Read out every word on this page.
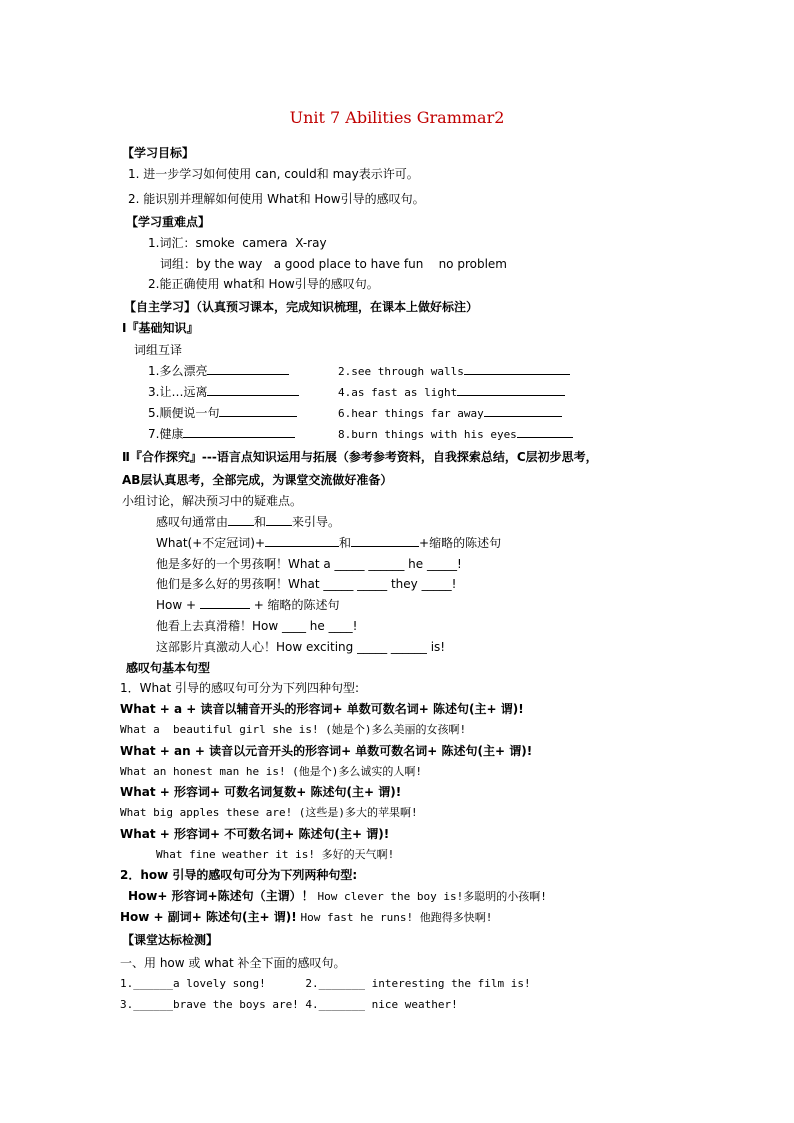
Unit 7 Abilities Grammar2
【学习目标】
1. 进一步学习如何使用 can, could和 may表示许可。
2. 能识别并理解如何使用 What和 How引导的感叹句。
【学习重难点】
1.词汇：smoke  camera  X-ray
词组：by the way   a good place to have fun    no problem
2.能正确使用 what和 How引导的感叹句。
【自主学习】（认真预习课本，完成知识梳理，在课本上做好标注）
Ⅰ『基础知识』
词组互译
1.多么漂亮	2.see through walls
3.让…远离	4.as fast as light
5.顺便说一句	6.hear things far away
7.健康	8.burn things with his eyes
Ⅱ『合作探究』---语言点知识运用与拓展（参考参考资料，自我探索总结，C层初步思考，
AB层认真思考，全部完成，为课堂交流做好准备）
小组讨论，解决预习中的疑难点。
感叹句通常由 和 来引导。
What(+不定冠词)+	和	+缩略的陈述句
他是多好的一个男孩啊！What a _____ ______ he _____!
他们是多么好的男孩啊！What _____ _____ they _____!
How +	+ 缩略的陈述句
他看上去真滑稽！How ____ he ____!
这部影片真激动人心！How exciting _____ ______ is!
感叹句基本句型
1．What 引导的感叹句可分为下列四种句型:
What + a + 读音以辅音开头的形容词+ 单数可数名词+ 陈述句(主+ 谓)!
What a  beautiful girl she is! (她是个)多么美丽的女孩啊!
What + an + 读音以元音开头的形容词+ 单数可数名词+ 陈述句(主+ 谓)!
What an honest man he is! (他是个)多么诚实的人啊!
What + 形容词+ 可数名词复数+ 陈述句(主+ 谓)!
What big apples these are! (这些是)多大的苹果啊!
What + 形容词+ 不可数名词+ 陈述句(主+ 谓)!
What fine weather it is! 多好的天气啊!
2．how 引导的感叹句可分为下列两种句型:
How+ 形容词+陈述句（主谓）！ How clever the boy is!多聪明的小孩啊!
How + 副词+ 陈述句(主+ 谓)! How fast he runs! 他跑得多快啊!
【课堂达标检测】
一、用 how 或 what 补全下面的感叹句。
1.______a lovely song!      2._______ interesting the film is!
3.______brave the boys are! 4._______ nice weather!
